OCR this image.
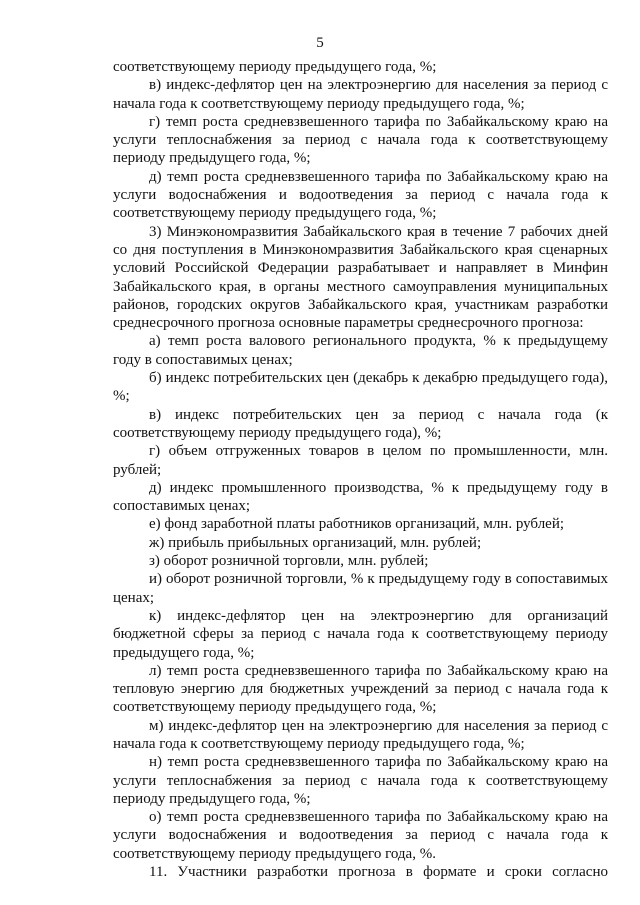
5

соответствующему периоду предыдущего года, %;

в) индекс-дефлятор цен на электроэнергию для населения за период с начала года к соответствующему периоду предыдущего года, %;

г) темп роста средневзвешенного тарифа по Забайкальскому краю на услуги теплоснабжения за период с начала года к соответствующему периоду предыдущего года, %;

д) темп роста средневзвешенного тарифа по Забайкальскому краю на услуги водоснабжения и водоотведения за период с начала года к соответствующему периоду предыдущего года, %;

3) Минэкономразвития Забайкальского края в течение 7 рабочих дней со дня поступления в Минэкономразвития Забайкальского края сценарных условий Российской Федерации разрабатывает и направляет в Минфин Забайкальского края, в органы местного самоуправления муниципальных районов, городских округов Забайкальского края, участникам разработки среднесрочного прогноза основные параметры среднесрочного прогноза:

а) темп роста валового регионального продукта, % к предыдущему году в сопоставимых ценах;

б) индекс потребительских цен (декабрь к декабрю предыдущего года), %;

в) индекс потребительских цен за период с начала года (к соответствующему периоду предыдущего года), %;

г) объем отгруженных товаров в целом по промышленности, млн. рублей;

д) индекс промышленного производства, % к предыдущему году в сопоставимых ценах;

е) фонд заработной платы работников организаций, млн. рублей;

ж) прибыль прибыльных организаций, млн. рублей;

з) оборот розничной торговли, млн. рублей;

и) оборот розничной торговли, % к предыдущему году в сопоставимых ценах;

к) индекс-дефлятор цен на электроэнергию для организаций бюджетной сферы за период с начала года к соответствующему периоду предыдущего года, %;

л) темп роста средневзвешенного тарифа по Забайкальскому краю на тепловую энергию для бюджетных учреждений за период с начала года к соответствующему периоду предыдущего года, %;

м) индекс-дефлятор цен на электроэнергию для населения за период с начала года к соответствующему периоду предыдущего года, %;

н) темп роста средневзвешенного тарифа по Забайкальскому краю на услуги теплоснабжения за период с начала года к соответствующему периоду предыдущего года, %;

о) темп роста средневзвешенного тарифа по Забайкальскому краю на услуги водоснабжения и водоотведения за период с начала года к соответствующему периоду предыдущего года, %.

11. Участники разработки прогноза в формате и сроки согласно
